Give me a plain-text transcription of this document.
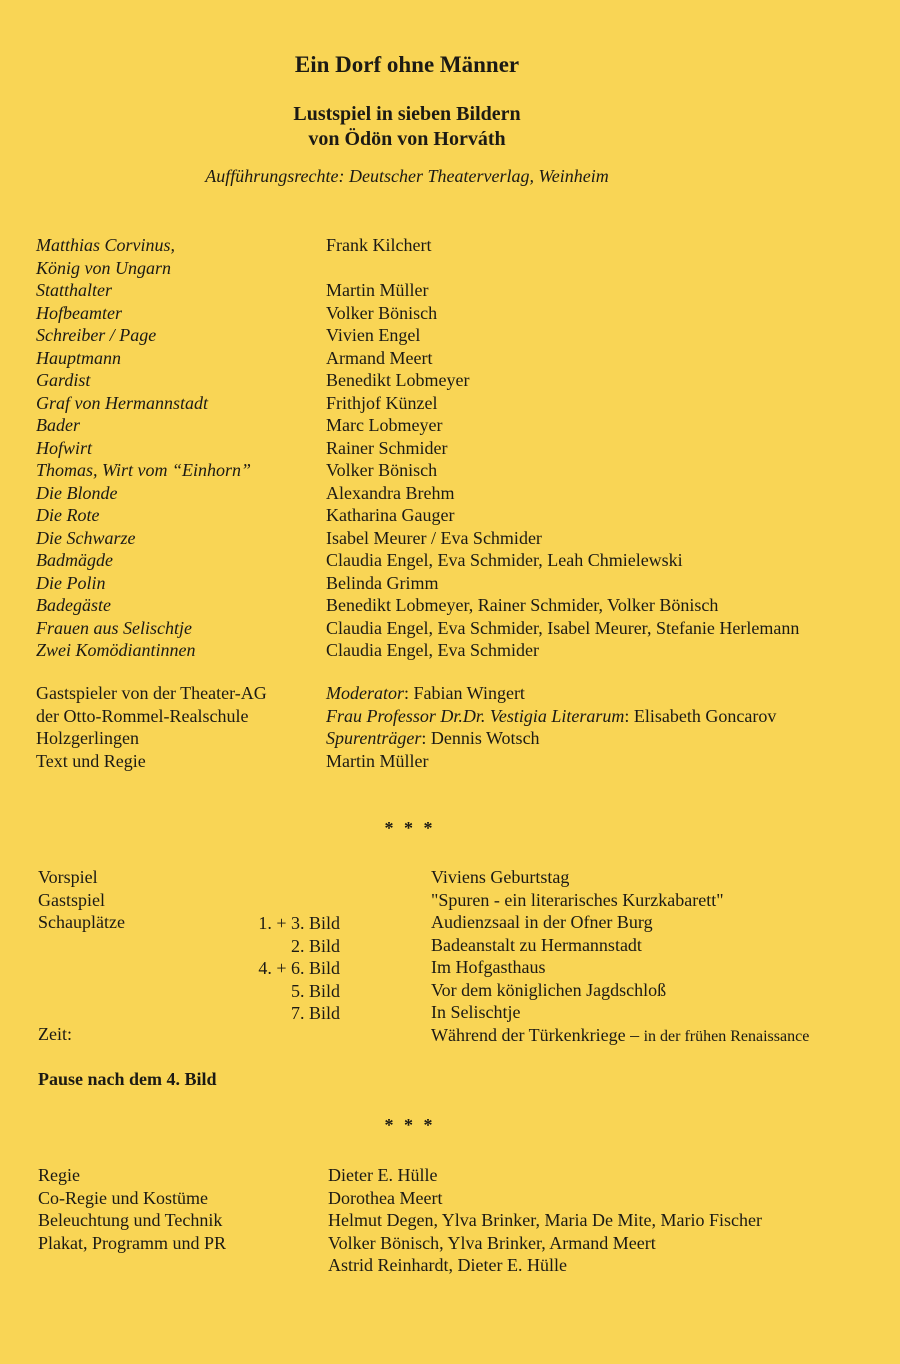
Ein Dorf ohne Männer
Lustspiel in sieben Bildern
von Ödön von Horváth
Aufführungsrechte: Deutscher Theaterverlag, Weinheim
Matthias Corvinus,
König von Ungarn
Statthalter
Hofbeamter
Schreiber / Page
Hauptmann
Gardist
Graf von Hermannstadt
Bader
Hofwirt
Thomas, Wirt vom “Einhorn”
Die Blonde
Die Rote
Die Schwarze
Badmägde
Die Polin
Badegäste
Frauen aus Selischtje
Zwei Komödiantinnen
Frank Kilchert

Martin Müller
Volker Bönisch
Vivien Engel
Armand Meert
Benedikt Lobmeyer
Frithjof Künzel
Marc Lobmeyer
Rainer Schmider
Volker Bönisch
Alexandra Brehm
Katharina Gauger
Isabel Meurer / Eva Schmider
Claudia Engel, Eva Schmider, Leah Chmielewski
Belinda Grimm
Benedikt Lobmeyer, Rainer Schmider, Volker Bönisch
Claudia Engel, Eva Schmider, Isabel Meurer, Stefanie Herlemann
Claudia Engel, Eva Schmider
Gastspieler von der Theater-AG
der Otto-Rommel-Realschule
Holzgerlingen
Text und Regie
Moderator: Fabian Wingert
Frau Professor Dr.Dr. Vestigia Literarum: Elisabeth Goncarov
Spurenträger: Dennis Wotsch
Martin Müller
* * *
Vorspiel
Gastspiel
Schauplätze	1. + 3. Bild
2. Bild
4. + 6. Bild
5. Bild
7. Bild
Viviens Geburtstag
"Spuren - ein literarisches Kurzkabarett"
Audienzsaal in der Ofner Burg
Badeanstalt zu Hermannstadt
Im Hofgasthaus
Vor dem königlichen Jagdschloß
In Selischtje
Während der Türkenkriege – in der frühen Renaissance
Zeit:
Pause nach dem 4. Bild
* * *
Regie
Co-Regie und Kostüme
Beleuchtung und Technik
Plakat, Programm und PR
Dieter E. Hülle
Dorothea Meert
Helmut Degen, Ylva Brinker, Maria De Mite, Mario Fischer
Volker Bönisch, Ylva Brinker, Armand Meert
Astrid Reinhardt, Dieter E. Hülle
